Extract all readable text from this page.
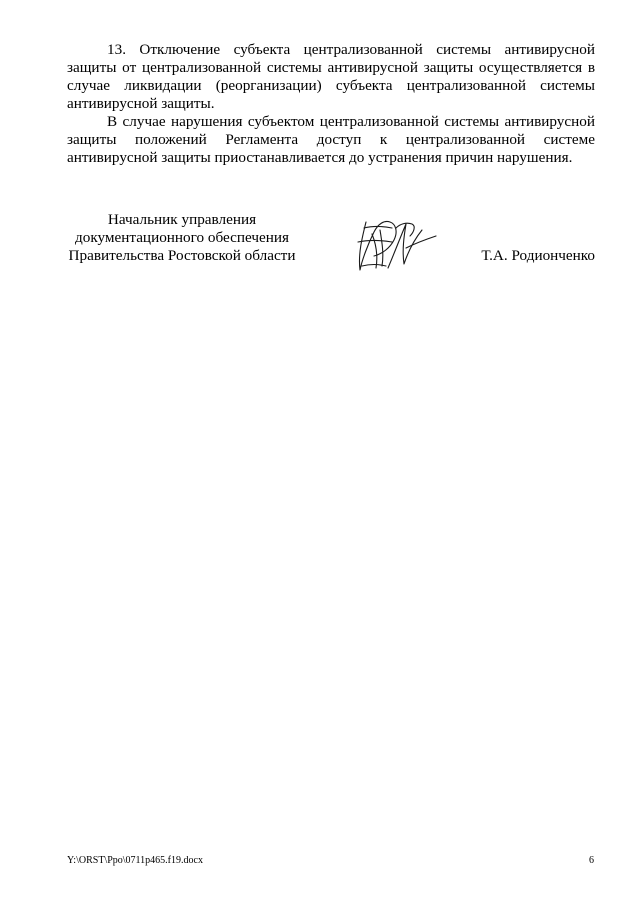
13. Отключение субъекта централизованной системы антивирусной защиты от централизованной системы антивирусной защиты осуществляется в случае ликвидации (реорганизации) субъекта централизованной системы антивирусной защиты.
В случае нарушения субъектом централизованной системы антивирусной защиты положений Регламента доступ к централизованной системе антивирусной защиты приостанавливается до устранения причин нарушения.
Начальник управления
документационного обеспечения
Правительства Ростовской области	Т.А. Родионченко
Y:\ORST\Ppo\0711p465.f19.docx	6
